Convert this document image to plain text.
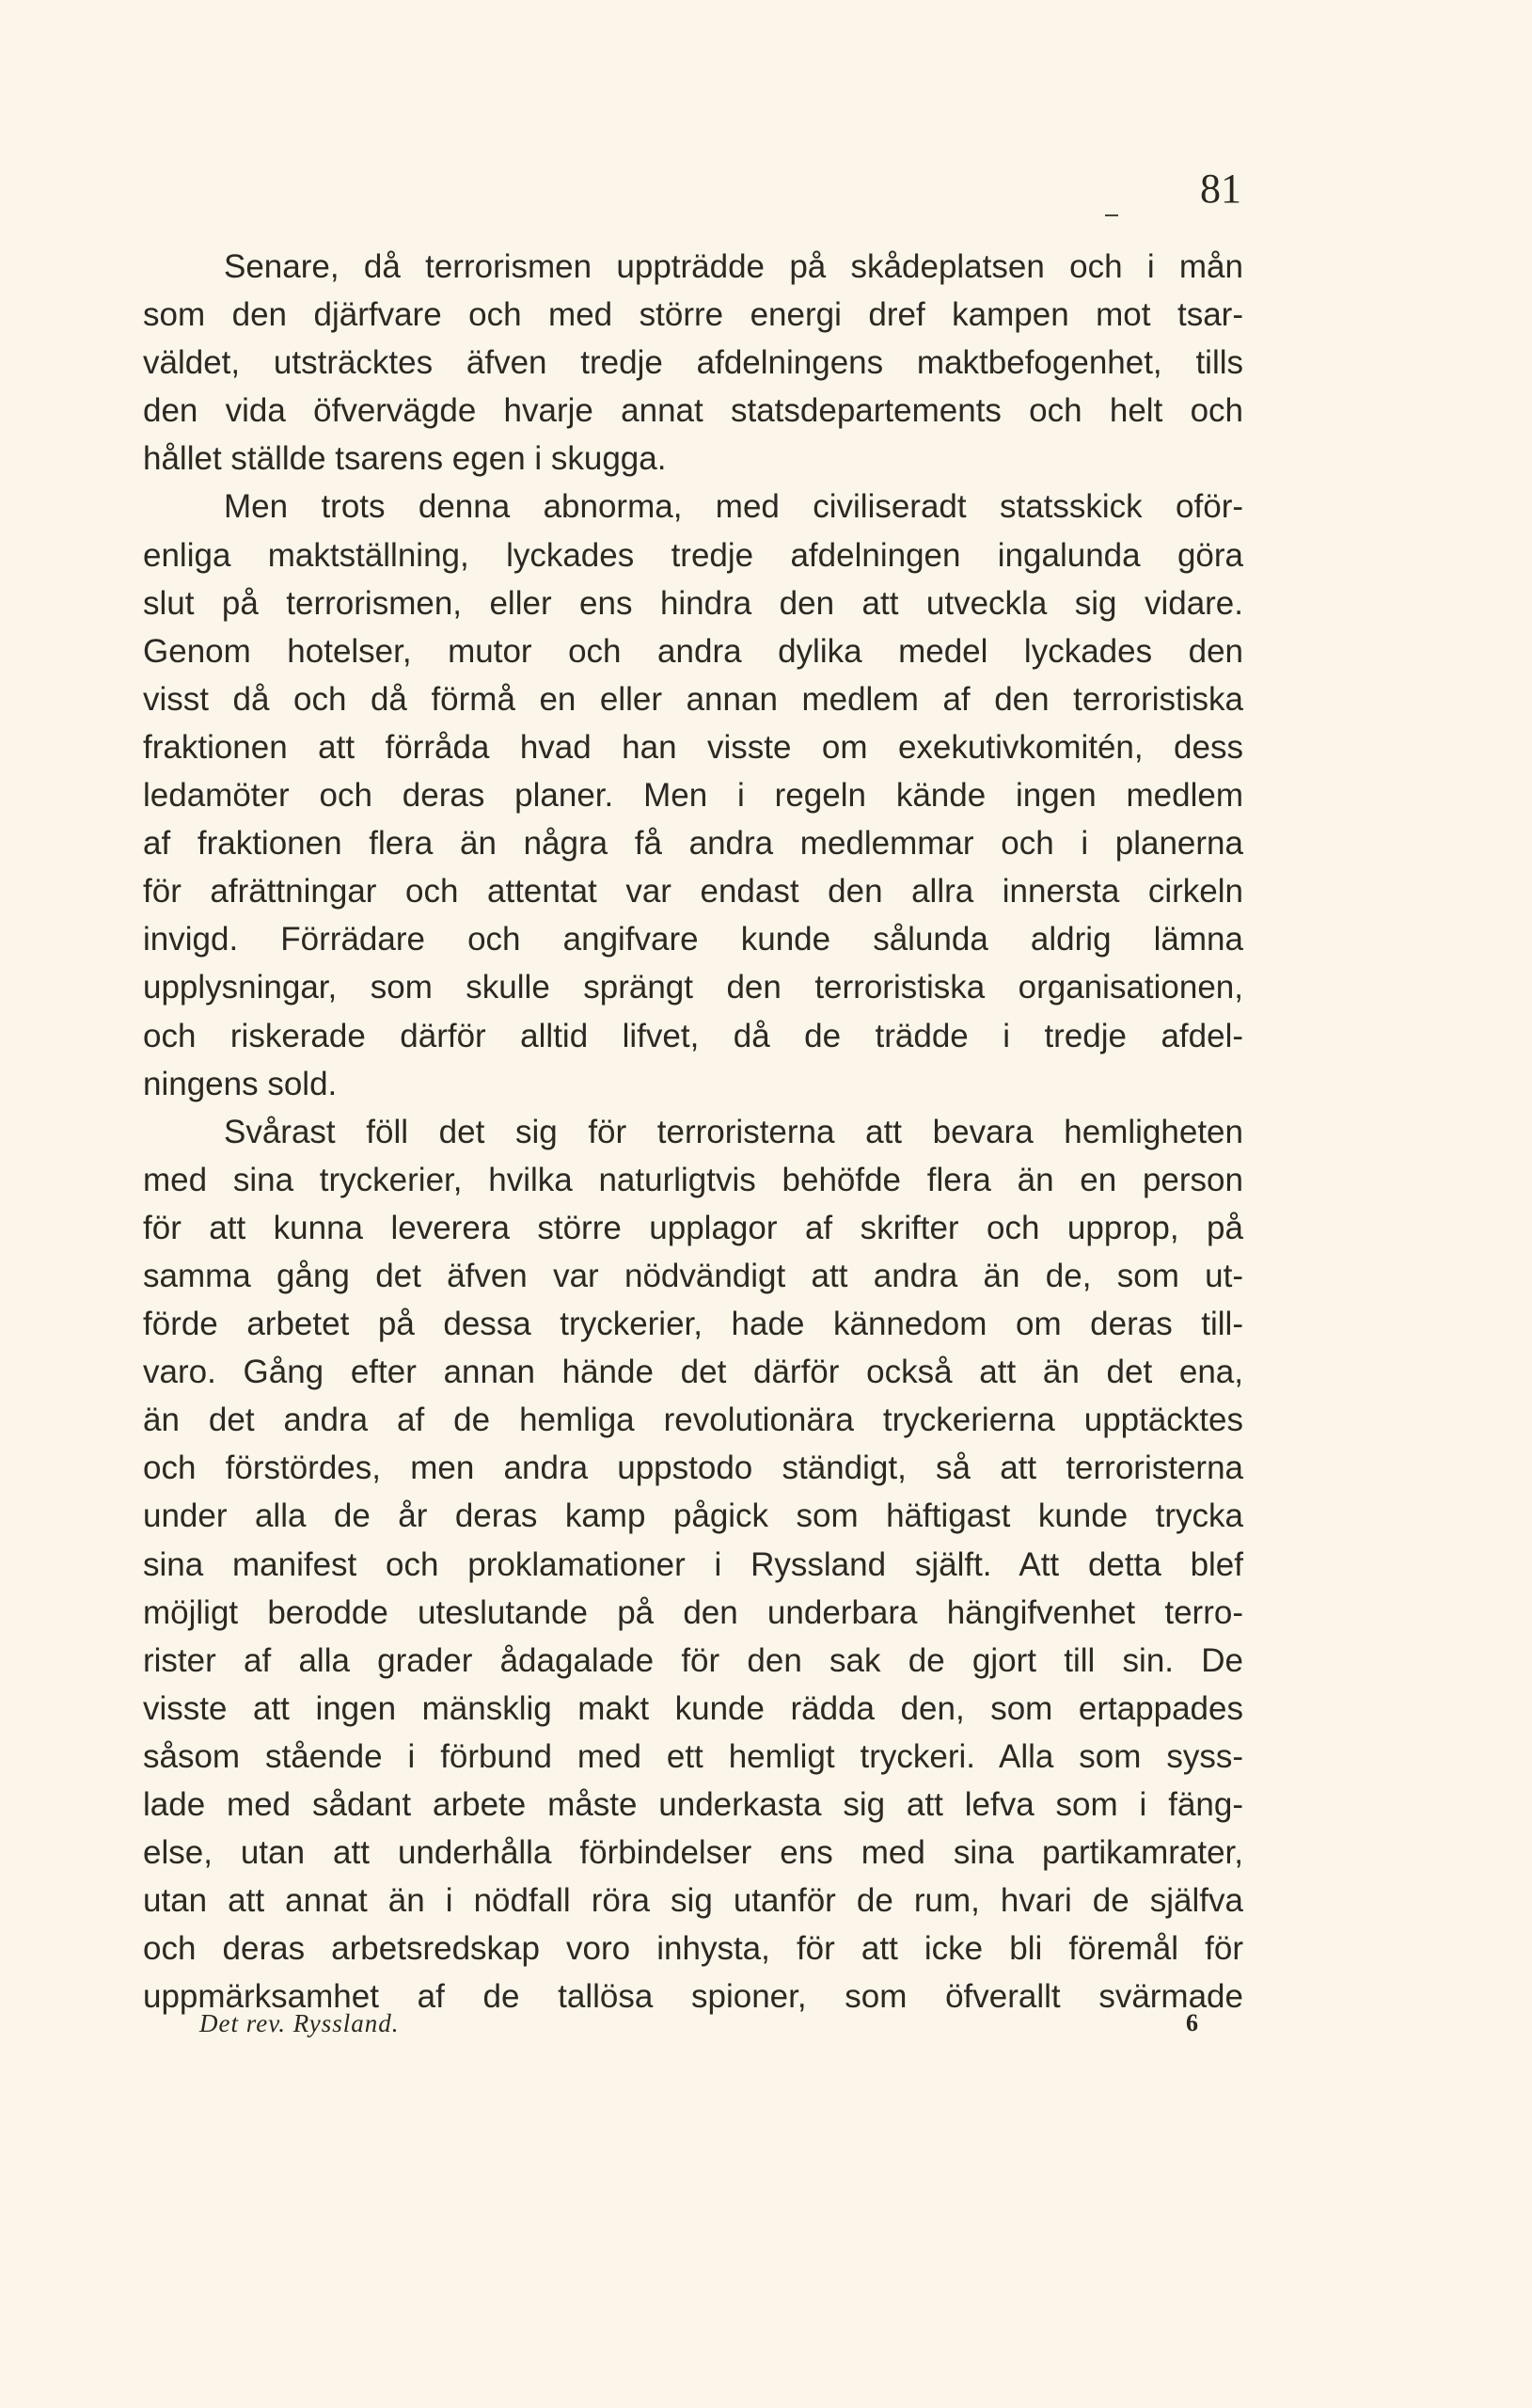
81
Senare, då terrorismen uppträdde på skådeplatsen och i mån
som den djärfvare och med större energi dref kampen mot tsar-
väldet, utsträcktes äfven tredje afdelningens maktbefogenhet, tills
den vida öfvervägde hvarje annat statsdepartements och helt och
hållet ställde tsarens egen i skugga.
Men trots denna abnorma, med civiliseradt statsskick oför-
enliga maktställning, lyckades tredje afdelningen ingalunda göra
slut på terrorismen, eller ens hindra den att utveckla sig vidare.
Genom hotelser, mutor och andra dylika medel lyckades den
visst då och då förmå en eller annan medlem af den terroristiska
fraktionen att förråda hvad han visste om exekutivkomitén, dess
ledamöter och deras planer. Men i regeln kände ingen medlem
af fraktionen flera än några få andra medlemmar och i planerna
för afrättningar och attentat var endast den allra innersta cirkeln
invigd. Förrädare och angifvare kunde sålunda aldrig lämna
upplysningar, som skulle sprängt den terroristiska organisationen,
och riskerade därför alltid lifvet, då de trädde i tredje afdel-
ningens sold.
Svårast föll det sig för terroristerna att bevara hemligheten
med sina tryckerier, hvilka naturligtvis behöfde flera än en person
för att kunna leverera större upplagor af skrifter och upprop, på
samma gång det äfven var nödvändigt att andra än de, som ut-
förde arbetet på dessa tryckerier, hade kännedom om deras till-
varo. Gång efter annan hände det därför också att än det ena,
än det andra af de hemliga revolutionära tryckerierna upptäcktes
och förstördes, men andra uppstodo ständigt, så att terroristerna
under alla de år deras kamp pågick som häftigast kunde trycka
sina manifest och proklamationer i Ryssland själft. Att detta blef
möjligt berodde uteslutande på den underbara hängifvenhet terro-
rister af alla grader ådagalade för den sak de gjort till sin. De
visste att ingen mänsklig makt kunde rädda den, som ertappades
såsom stående i förbund med ett hemligt tryckeri. Alla som syss-
lade med sådant arbete måste underkasta sig att lefva som i fäng-
else, utan att underhålla förbindelser ens med sina partikamrater,
utan att annat än i nödfall röra sig utanför de rum, hvari de själfva
och deras arbetsredskap voro inhysta, för att icke bli föremål för
uppmärksamhet af de tallösa spioner, som öfverallt svärmade
Det rev. Ryssland.	6
